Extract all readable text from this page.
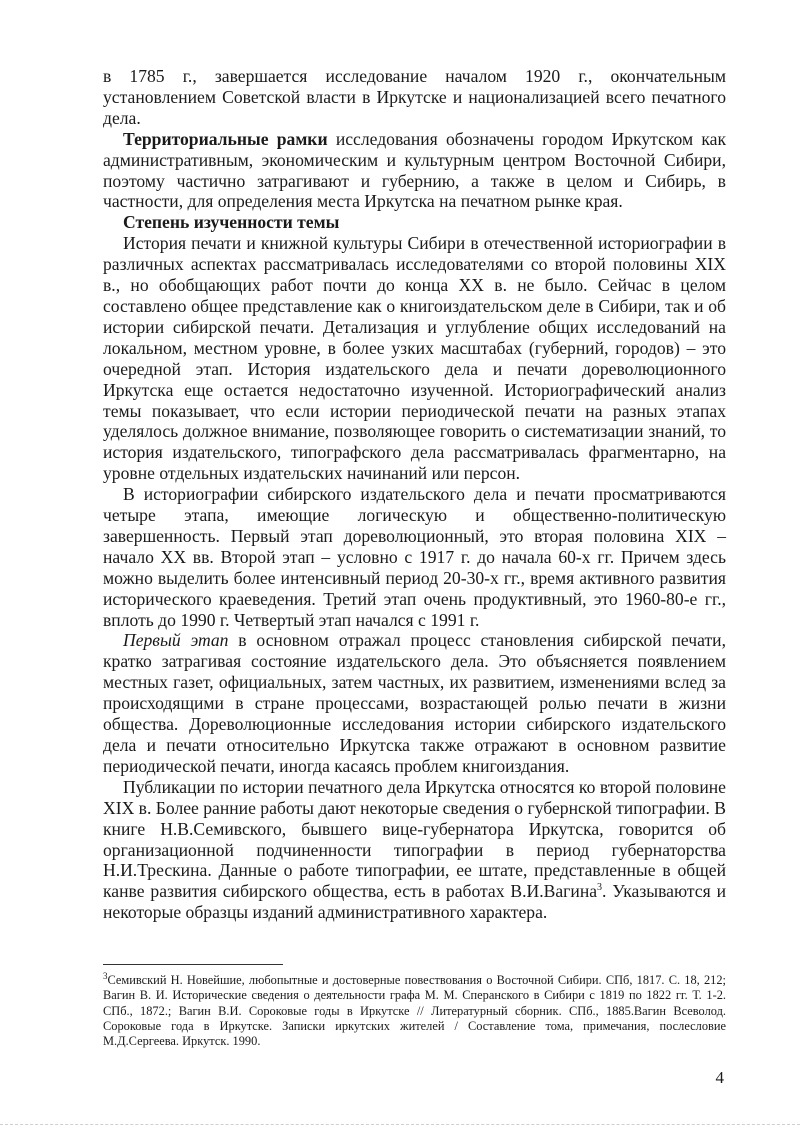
в 1785 г., завершается исследование началом 1920 г., окончательным установлением Советской власти в Иркутске и национализацией всего печатного дела.

Территориальные рамки исследования обозначены городом Иркутском как административным, экономическим и культурным центром Восточной Сибири, поэтому частично затрагивают и губернию, а также в целом и Сибирь, в частности, для определения места Иркутска на печатном рынке края.

Степень изученности темы

История печати и книжной культуры Сибири в отечественной историографии в различных аспектах рассматривалась исследователями со второй половины XIX в., но обобщающих работ почти до конца XX в. не было. Сейчас в целом составлено общее представление как о книгоиздательском деле в Сибири, так и об истории сибирской печати. Детализация и углубление общих исследований на локальном, местном уровне, в более узких масштабах (губерний, городов) – это очередной этап. История издательского дела и печати дореволюционного Иркутска еще остается недостаточно изученной. Историографический анализ темы показывает, что если истории периодической печати на разных этапах уделялось должное внимание, позволяющее говорить о систематизации знаний, то история издательского, типографского дела рассматривалась фрагментарно, на уровне отдельных издательских начинаний или персон.

В историографии сибирского издательского дела и печати просматриваются четыре этапа, имеющие логическую и общественно-политическую завершенность. Первый этап дореволюционный, это вторая половина XIX – начало XX вв. Второй этап – условно с 1917 г. до начала 60-х гг. Причем здесь можно выделить более интенсивный период 20-30-х гг., время активного развития исторического краеведения. Третий этап очень продуктивный, это 1960-80-е гг., вплоть до 1990 г. Четвертый этап начался с 1991 г.

Первый этап в основном отражал процесс становления сибирской печати, кратко затрагивая состояние издательского дела. Это объясняется появлением местных газет, официальных, затем частных, их развитием, изменениями вслед за происходящими в стране процессами, возрастающей ролью печати в жизни общества. Дореволюционные исследования истории сибирского издательского дела и печати относительно Иркутска также отражают в основном развитие периодической печати, иногда касаясь проблем книгоиздания.

Публикации по истории печатного дела Иркутска относятся ко второй половине XIX в. Более ранние работы дают некоторые сведения о губернской типографии. В книге Н.В.Семивского, бывшего вице-губернатора Иркутска, говорится об организационной подчиненности типографии в период губернаторства Н.И.Трескина. Данные о работе типографии, ее штате, представленные в общей канве развития сибирского общества, есть в работах В.И.Вагина$^3$. Указываются и некоторые образцы изданий административного характера.

$^3$Семивский Н. Новейшие, любопытные и достоверные повествования о Восточной Сибири. СПб, 1817. С. 18, 212; Вагин В. И. Исторические сведения о деятельности графа М. М. Сперанского в Сибири с 1819 по 1822 гг. Т. 1-2. СПб., 1872.; Вагин В.И. Сороковые годы в Иркутске // Литературный сборник. СПб., 1885.Вагин Всеволод. Сороковые года в Иркутске. Записки иркутских жителей / Составление тома, примечания, послесловие М.Д.Сергеева. Иркутск. 1990.
4
